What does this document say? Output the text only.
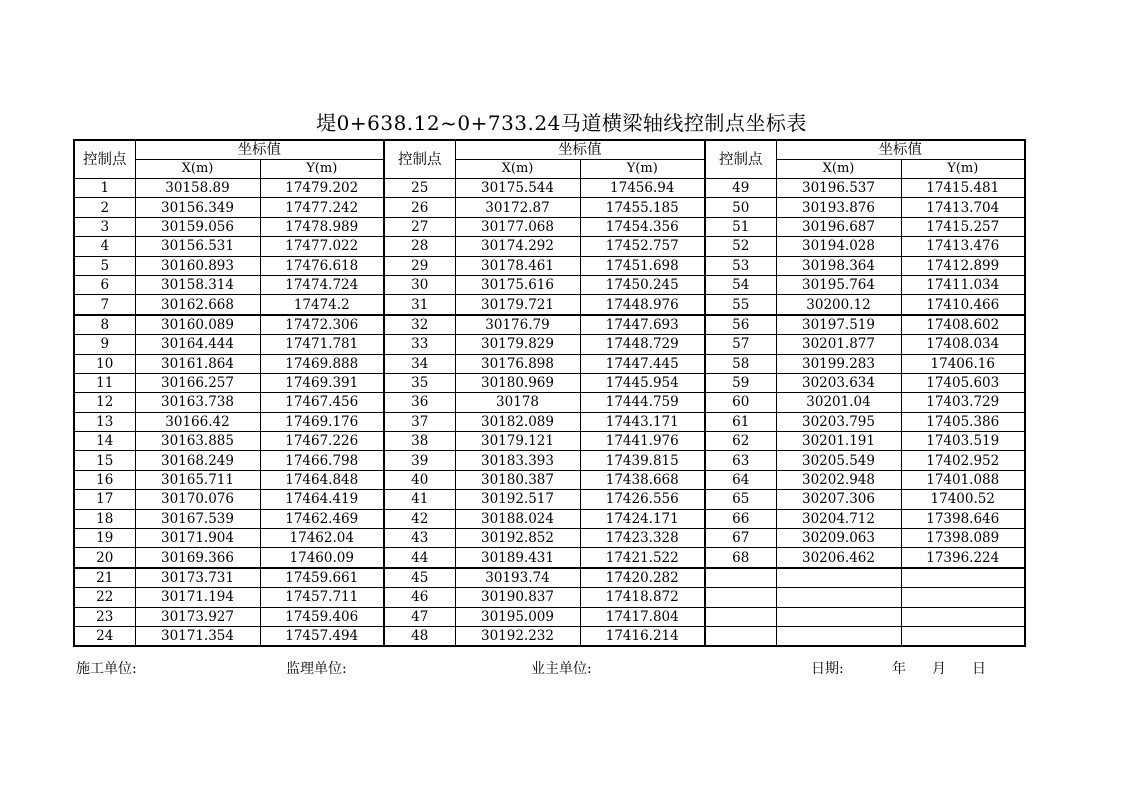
堤0+638.12~0+733.24马道横梁轴线控制点坐标表
控制点	坐标值		控制点	坐标值		控制点	坐标值	
	X(m)	Y(m)		X(m)	Y(m)		X(m)	Y(m)
1	30158.89	17479.202	25	30175.544	17456.94	49	30196.537	17415.481
2	30156.349	17477.242	26	30172.87	17455.185	50	30193.876	17413.704
3	30159.056	17478.989	27	30177.068	17454.356	51	30196.687	17415.257
4	30156.531	17477.022	28	30174.292	17452.757	52	30194.028	17413.476
5	30160.893	17476.618	29	30178.461	17451.698	53	30198.364	17412.899
6	30158.314	17474.724	30	30175.616	17450.245	54	30195.764	17411.034
7	30162.668	17474.2	31	30179.721	17448.976	55	30200.12	17410.466
8	30160.089	17472.306	32	30176.79	17447.693	56	30197.519	17408.602
9	30164.444	17471.781	33	30179.829	17448.729	57	30201.877	17408.034
10	30161.864	17469.888	34	30176.898	17447.445	58	30199.283	17406.16
11	30166.257	17469.391	35	30180.969	17445.954	59	30203.634	17405.603
12	30163.738	17467.456	36	30178	17444.759	60	30201.04	17403.729
13	30166.42	17469.176	37	30182.089	17443.171	61	30203.795	17405.386
14	30163.885	17467.226	38	30179.121	17441.976	62	30201.191	17403.519
15	30168.249	17466.798	39	30183.393	17439.815	63	30205.549	17402.952
16	30165.711	17464.848	40	30180.387	17438.668	64	30202.948	17401.088
17	30170.076	17464.419	41	30192.517	17426.556	65	30207.306	17400.52
18	30167.539	17462.469	42	30188.024	17424.171	66	30204.712	17398.646
19	30171.904	17462.04	43	30192.852	17423.328	67	30209.063	17398.089
20	30169.366	17460.09	44	30189.431	17421.522	68	30206.462	17396.224
21	30173.731	17459.661	45	30193.74	17420.282			
22	30171.194	17457.711	46	30190.837	17418.872			
23	30173.927	17459.406	47	30195.009	17417.804			
24	30171.354	17457.494	48	30192.232	17416.214			
施工单位:	监理单位:	业主单位:	日期:	年 月 日
